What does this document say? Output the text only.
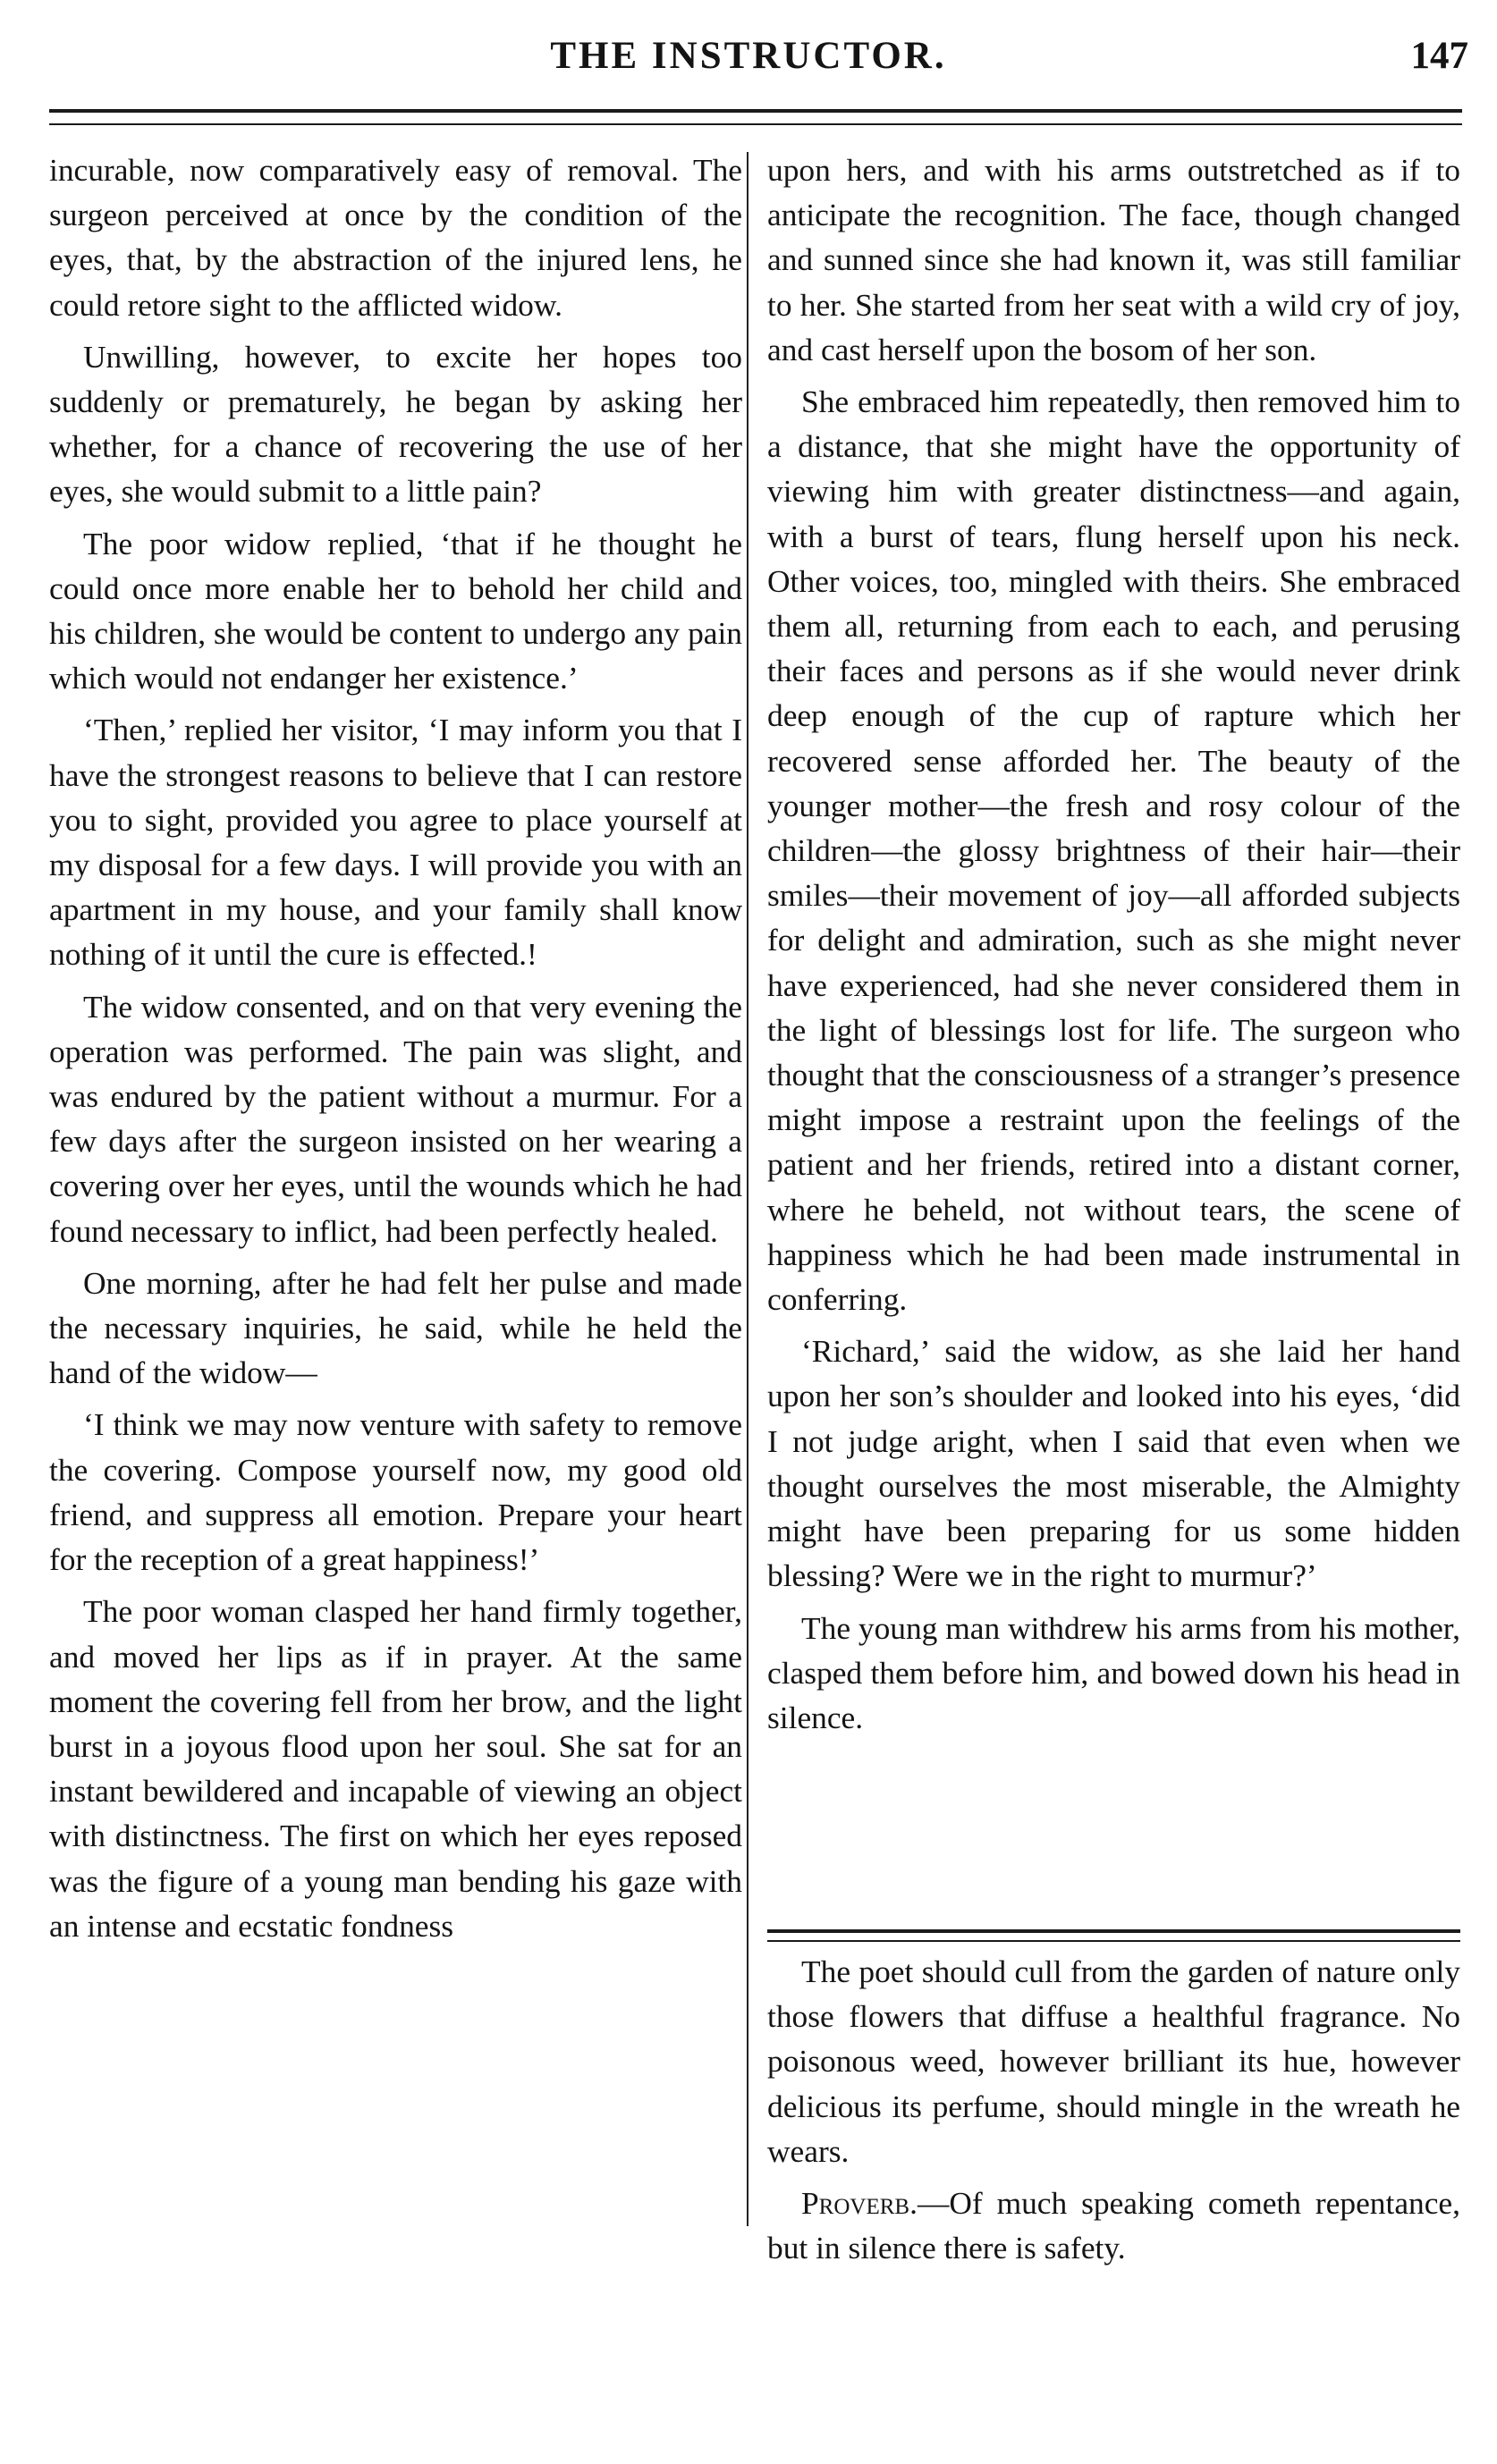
THE INSTRUCTOR.	147

incurable, now comparatively easy of removal. The surgeon perceived at once by the condition of the eyes, that, by the abstraction of the injured lens, he could retore sight to the afflicted widow.

Unwilling, however, to excite her hopes too suddenly or prematurely, he began by asking her whether, for a chance of recovering the use of her eyes, she would submit to a little pain?

The poor widow replied, ‘that if he thought he could once more enable her to behold her child and his children, she would be content to undergo any pain which would not endanger her existence.’

‘Then,’ replied her visitor, ‘I may inform you that I have the strongest reasons to believe that I can restore you to sight, provided you agree to place yourself at my disposal for a few days. I will provide you with an apartment in my house, and your family shall know nothing of it until the cure is effected.!

The widow consented, and on that very evening the operation was performed. The pain was slight, and was endured by the patient without a murmur. For a few days after the surgeon insisted on her wearing a covering over her eyes, until the wounds which he had found necessary to inflict, had been perfectly healed.

One morning, after he had felt her pulse and made the necessary inquiries, he said, while he held the hand of the widow—

‘I think we may now venture with safety to remove the covering. Compose yourself now, my good old friend, and suppress all emotion. Prepare your heart for the reception of a great happiness!’

The poor woman clasped her hand firmly together, and moved her lips as if in prayer. At the same moment the covering fell from her brow, and the light burst in a joyous flood upon her soul. She sat for an instant bewildered and incapable of viewing an object with distinctness. The first on which her eyes reposed was the figure of a young man bending his gaze with an intense and ecstatic fondness

upon hers, and with his arms outstretched as if to anticipate the recognition. The face, though changed and sunned since she had known it, was still familiar to her. She started from her seat with a wild cry of joy, and cast herself upon the bosom of her son.

She embraced him repeatedly, then removed him to a distance, that she might have the opportunity of viewing him with greater distinctness—and again, with a burst of tears, flung herself upon his neck. Other voices, too, mingled with theirs. She embraced them all, returning from each to each, and perusing their faces and persons as if she would never drink deep enough of the cup of rapture which her recovered sense afforded her. The beauty of the younger mother—the fresh and rosy colour of the children—the glossy brightness of their hair—their smiles—their movement of joy—all afforded subjects for delight and admiration, such as she might never have experienced, had she never considered them in the light of blessings lost for life. The surgeon who thought that the consciousness of a stranger’s presence might impose a restraint upon the feelings of the patient and her friends, retired into a distant corner, where he beheld, not without tears, the scene of happiness which he had been made instrumental in conferring.

‘Richard,’ said the widow, as she laid her hand upon her son’s shoulder and looked into his eyes, ‘did I not judge aright, when I said that even when we thought ourselves the most miserable, the Almighty might have been preparing for us some hidden blessing? Were we in the right to murmur?’

The young man withdrew his arms from his mother, clasped them before him, and bowed down his head in silence.

The poet should cull from the garden of nature only those flowers that diffuse a healthful fragrance. No poisonous weed, however brilliant its hue, however delicious its perfume, should mingle in the wreath he wears.

Proverb.—Of much speaking cometh repentance, but in silence there is safety.
